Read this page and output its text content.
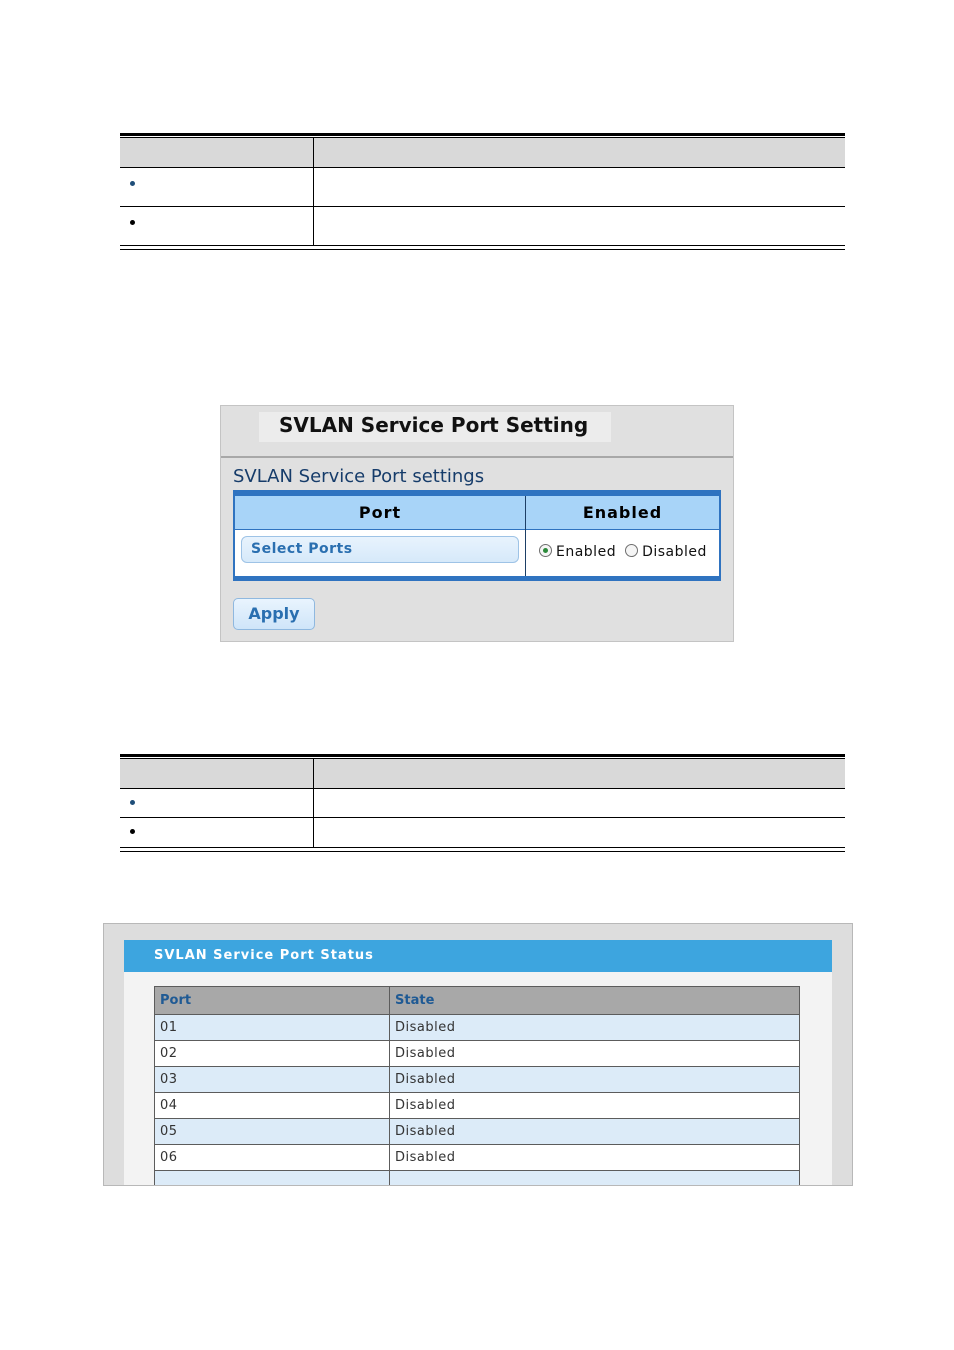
SVLAN Service Port Setting
SVLAN Service Port settings
Port	Enabled
Select Ports	Enabled Disabled
Apply
SVLAN Service Port Status
Port	State
01	Disabled
02	Disabled
03	Disabled
04	Disabled
05	Disabled
06	Disabled
